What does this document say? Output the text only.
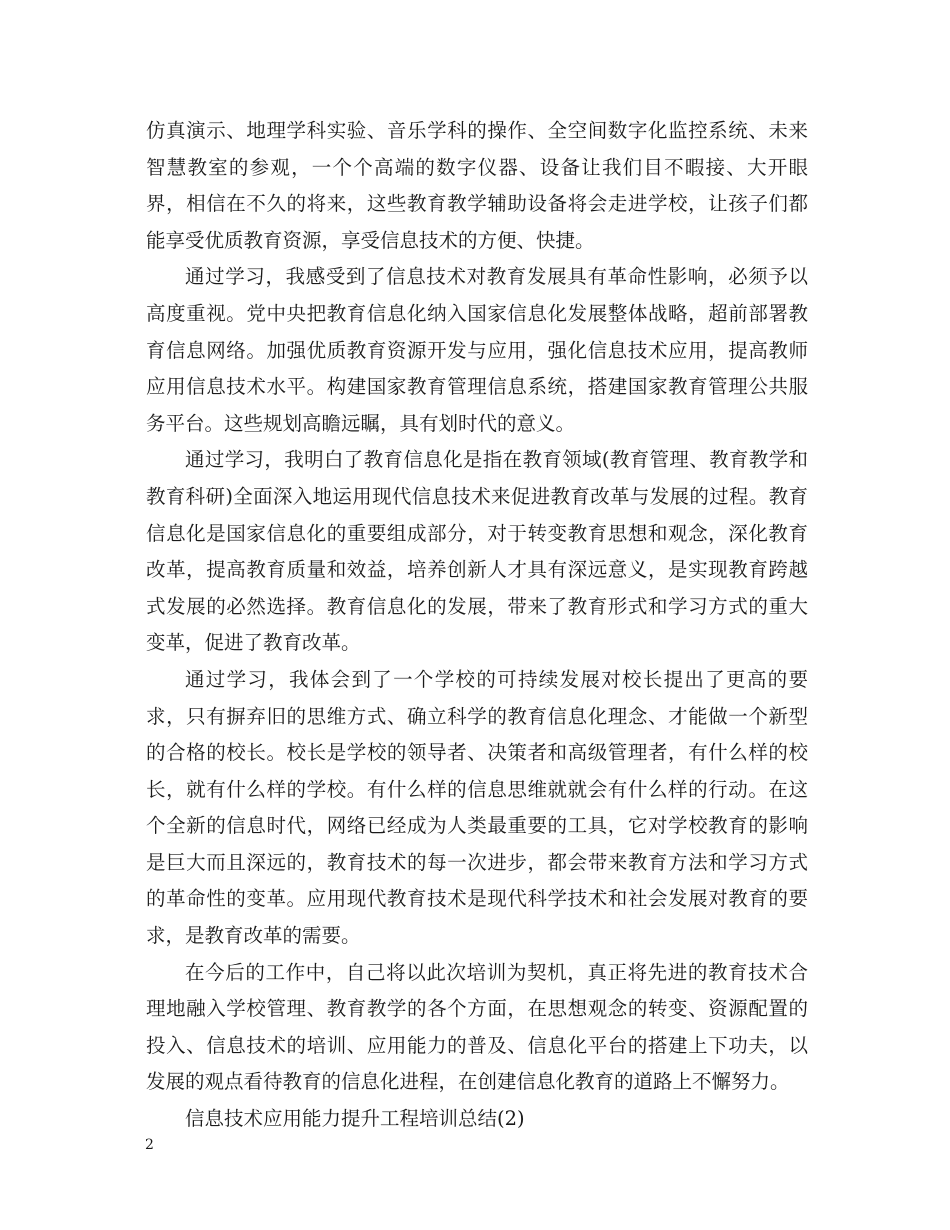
仿真演示、地理学科实验、音乐学科的操作、全空间数字化监控系统、未来智慧教室的参观，一个个高端的数字仪器、设备让我们目不暇接、大开眼界，相信在不久的将来，这些教育教学辅助设备将会走进学校，让孩子们都能享受优质教育资源，享受信息技术的方便、快捷。

通过学习，我感受到了信息技术对教育发展具有革命性影响，必须予以高度重视。党中央把教育信息化纳入国家信息化发展整体战略，超前部署教育信息网络。加强优质教育资源开发与应用，强化信息技术应用，提高教师应用信息技术水平。构建国家教育管理信息系统，搭建国家教育管理公共服务平台。这些规划高瞻远瞩，具有划时代的意义。

通过学习，我明白了教育信息化是指在教育领域(教育管理、教育教学和教育科研)全面深入地运用现代信息技术来促进教育改革与发展的过程。教育信息化是国家信息化的重要组成部分，对于转变教育思想和观念，深化教育改革，提高教育质量和效益，培养创新人才具有深远意义，是实现教育跨越式发展的必然选择。教育信息化的发展，带来了教育形式和学习方式的重大变革，促进了教育改革。

通过学习，我体会到了一个学校的可持续发展对校长提出了更高的要求，只有摒弃旧的思维方式、确立科学的教育信息化理念、才能做一个新型的合格的校长。校长是学校的领导者、决策者和高级管理者，有什么样的校长，就有什么样的学校。有什么样的信息思维就就会有什么样的行动。在这个全新的信息时代，网络已经成为人类最重要的工具，它对学校教育的影响是巨大而且深远的，教育技术的每一次进步，都会带来教育方法和学习方式的革命性的变革。应用现代教育技术是现代科学技术和社会发展对教育的要求，是教育改革的需要。

在今后的工作中，自己将以此次培训为契机，真正将先进的教育技术合理地融入学校管理、教育教学的各个方面，在思想观念的转变、资源配置的投入、信息技术的培训、应用能力的普及、信息化平台的搭建上下功夫，以发展的观点看待教育的信息化进程，在创建信息化教育的道路上不懈努力。

信息技术应用能力提升工程培训总结(2)

2
